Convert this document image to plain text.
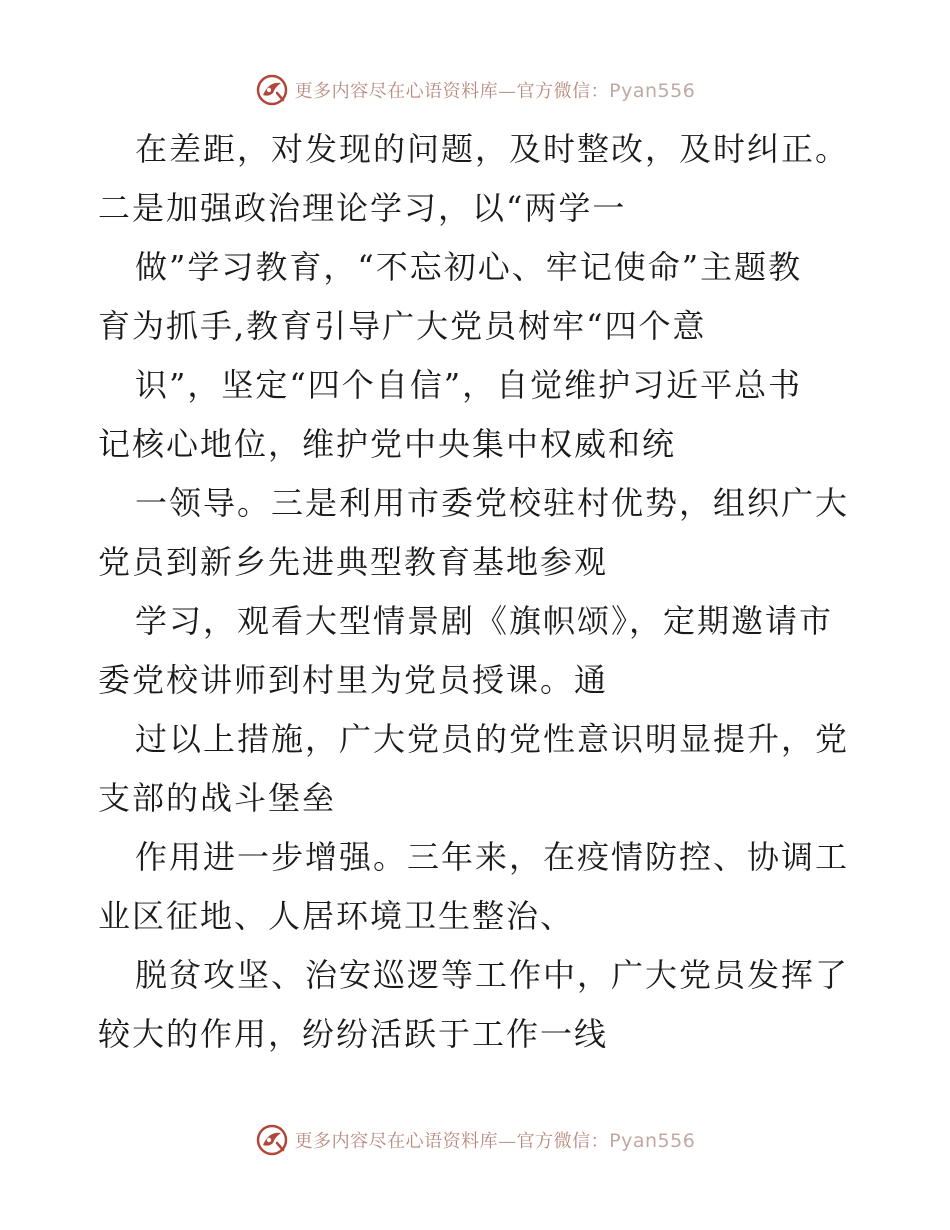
更多内容尽在心语资料库—官方微信：Pyan556
在差距，对发现的问题，及时整改，及时纠正。
二是加强政治理论学习，以“两学一
做”学习教育，“不忘初心、牢记使命”主题教
育为抓手,教育引导广大党员树牢“四个意
识”，坚定“四个自信”，自觉维护习近平总书
记核心地位，维护党中央集中权威和统
一领导。三是利用市委党校驻村优势，组织广大
党员到新乡先进典型教育基地参观
学习，观看大型情景剧《旗帜颂》，定期邀请市
委党校讲师到村里为党员授课。通
过以上措施，广大党员的党性意识明显提升，党
支部的战斗堡垒
作用进一步增强。三年来，在疫情防控、协调工
业区征地、人居环境卫生整治、
脱贫攻坚、治安巡逻等工作中，广大党员发挥了
较大的作用，纷纷活跃于工作一线
更多内容尽在心语资料库—官方微信：Pyan556
